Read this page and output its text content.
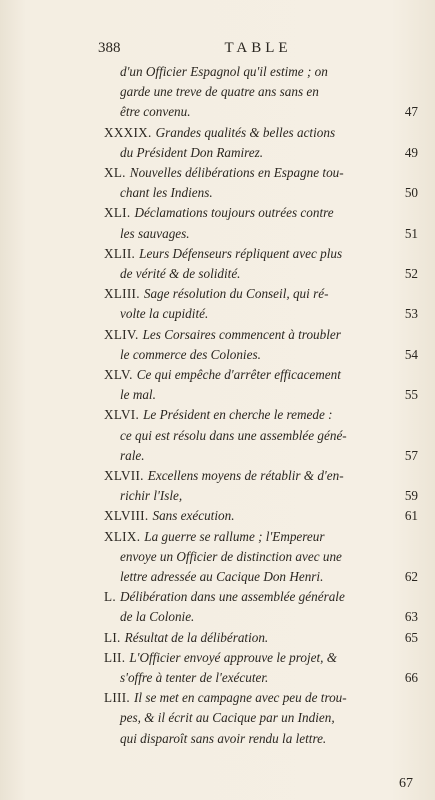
388	TABLE
d'un Officier Espagnol qu'il estime ; on
garde une treve de quatre ans sans en
être convenu.	47
XXXIX. Grandes qualités & belles actions
du Président Don Ramirez.	49
XL. Nouvelles délibérations en Espagne tou-
chant les Indiens.	50
XLI. Déclamations toujours outrées contre
les sauvages.	51
XLII. Leurs Défenseurs répliquent avec plus
de vérité & de solidité.	52
XLIII. Sage résolution du Conseil, qui ré-
volte la cupidité.	53
XLIV. Les Corsaires commencent à troubler
le commerce des Colonies.	54
XLV. Ce qui empêche d'arrêter efficacement
le mal.	55
XLVI. Le Président en cherche le remede :
ce qui est résolu dans une assemblée géné-
rale.	57
XLVII. Excellens moyens de rétablir & d'en-
richir l'Isle,	59
XLVIII. Sans exécution.	61
XLIX. La guerre se rallume ; l'Empereur
envoye un Officier de distinction avec une
lettre adressée au Cacique Don Henri.	62
L. Délibération dans une assemblée générale
de la Colonie.	63
LI. Résultat de la délibération.	65
LII. L'Officier envoyé approuve le projet, &
s'offre à tenter de l'exécuter.	66
LIII. Il se met en campagne avec peu de trou-
pes, & il écrit au Cacique par un Indien,
qui disparoît sans avoir rendu la lettre.
67
